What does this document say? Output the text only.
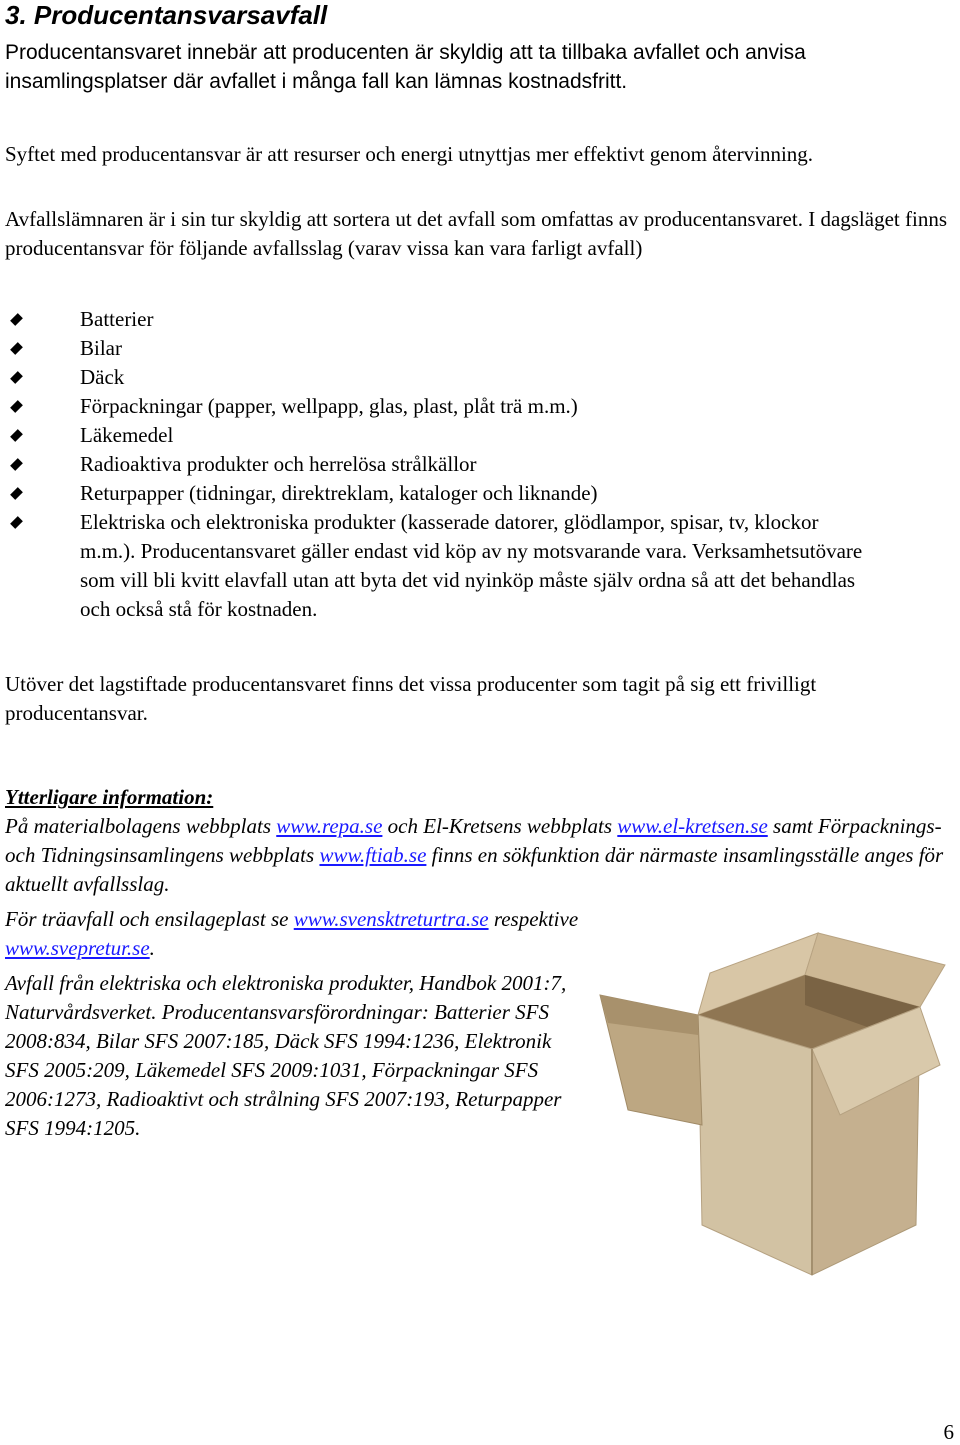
3. Producentansvarsavfall

Producentansvaret innebär att producenten är skyldig att ta tillbaka avfallet och anvisa insamlingsplatser där avfallet i många fall kan lämnas kostnadsfritt.

Syftet med producentansvar är att resurser och energi utnyttjas mer effektivt genom återvinning.

Avfallslämnaren är i sin tur skyldig att sortera ut det avfall som omfattas av producentansvaret. I dagsläget finns producentansvar för följande avfallsslag (varav vissa kan vara farligt avfall)

Batterier
Bilar
Däck
Förpackningar (papper, wellpapp, glas, plast, plåt trä m.m.)
Läkemedel
Radioaktiva produkter och herrelösa strålkällor
Returpapper (tidningar, direktreklam, kataloger och liknande)
Elektriska och elektroniska produkter (kasserade datorer, glödlampor, spisar, tv, klockor m.m.). Producentansvaret gäller endast vid köp av ny motsvarande vara. Verksamhetsutövare som vill bli kvitt elavfall utan att byta det vid nyinköp måste själv ordna så att det behandlas och också stå för kostnaden.

Utöver det lagstiftade producentansvaret finns det vissa producenter som tagit på sig ett frivilligt producentansvar.

Ytterligare information:

På materialbolagens webbplats www.repa.se och El-Kretsens webbplats www.el-kretsen.se samt Förpacknings- och Tidningsinsamlingens webbplats www.ftiab.se finns en sökfunktion där närmaste insamlingsställe anges för aktuellt avfallsslag.

För träavfall och ensilageplast se www.svensktreturtra.se respektive www.svepretur.se.

Avfall från elektriska och elektroniska produkter, Handbok 2001:7, Naturvårdsverket. Producentansvarsförordningar: Batterier SFS 2008:834, Bilar SFS 2007:185, Däck SFS 1994:1236, Elektronik SFS 2005:209, Läkemedel SFS 2009:1031, Förpackningar SFS 2006:1273, Radioaktivt och strålning SFS 2007:193, Returpapper SFS 1994:1205.

6
